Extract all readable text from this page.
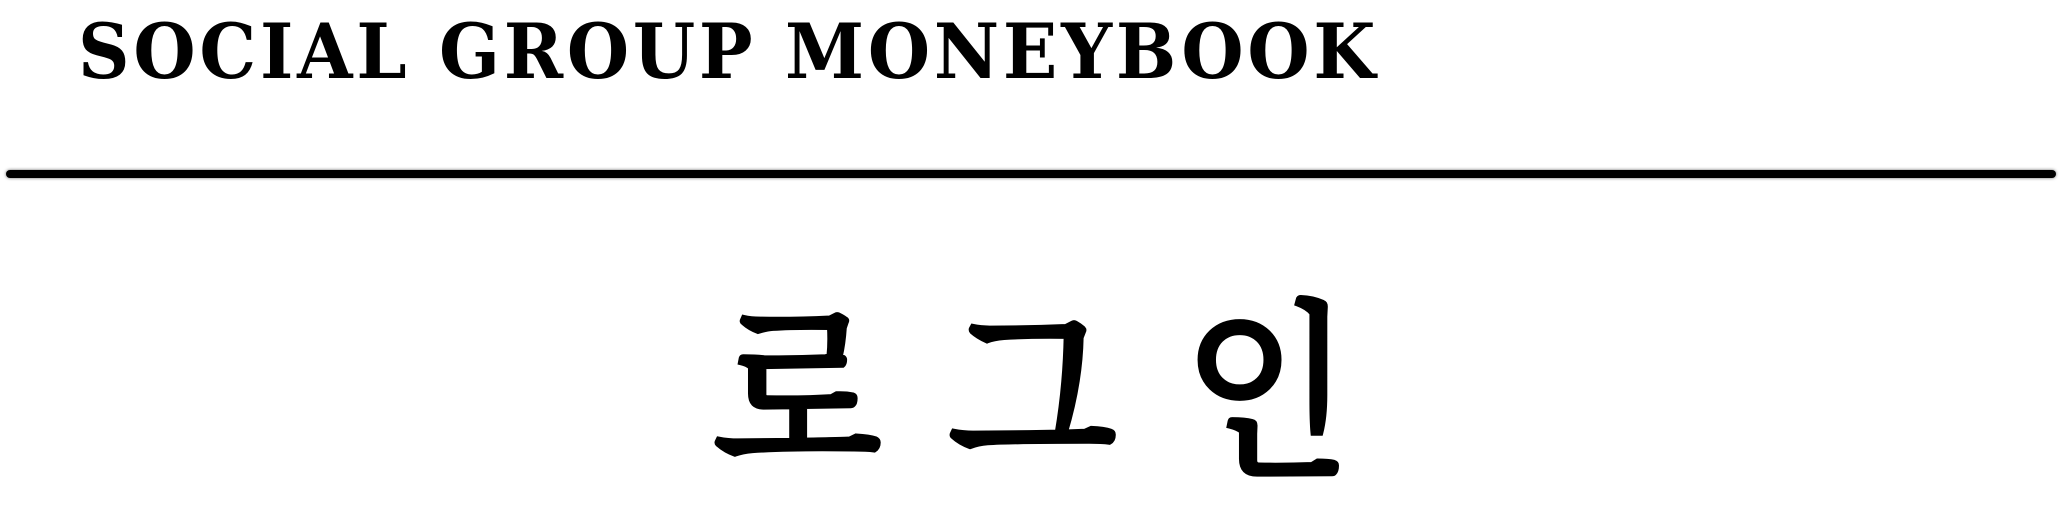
SOCIAL GROUP MONEYBOOK
로그인
